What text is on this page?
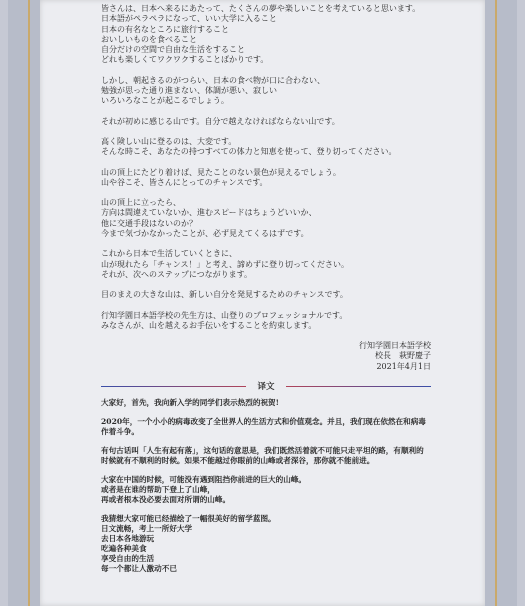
皆さんは、日本へ来るにあたって、たくさんの夢や楽しいことを考えていると思います。
日本語がペラペラになって、いい大学に入ること
日本の有名なところに旅行すること
おいしいものを食べること
自分だけの空間で自由な生活をすること
どれも楽しくてワクワクすることばかりです。

しかし、朝起きるのがつらい、日本の食べ物が口に合わない、
勉強が思った通り進まない、体調が悪い、寂しい
いろいろなことが起こるでしょう。

それが初めに感じる山です。自分で越えなければならない山です。

高く険しい山に登るのは、大変です。
そんな時こそ、あなたの持つすべての体力と知恵を使って、登り切ってください。

山の頂上にたどり着けば、見たことのない景色が見えるでしょう。
山や谷こそ、皆さんにとってのチャンスです。

山の頂上に立ったら、
方向は間違えていないか、進むスピードはちょうどいいか、
他に交通手段はないのか？
今まで気づかなかったことが、必ず見えてくるはずです。

これから日本で生活していくときに、
山が現れたら「チャンス！」と考え、諦めずに登り切ってください。
それが、次へのステップにつながります。

目のまえの大きな山は、新しい自分を発見するためのチャンスです。

行知学園日本語学校の先生方は、山登りのプロフェッショナルです。
みなさんが、山を越えるお手伝いをすることを約束します。

行知学園日本語学校
校長　萩野慶子
2021年4月1日
译文

大家好，首先，我向新入学的同学们表示热烈的祝贺!

2020年，一个小小的病毒改变了全世界人的生活方式和价值观念。并且，我们现在依然在和病毒作着斗争。

有句古话叫「人生有起有落」，这句话的意思是，我们既然活着就不可能只走平坦的路，有顺利的时候就有不顺利的时候。如果不能越过你眼前的山峰或者深谷，那你就不能前进。

大家在中国的时候，可能没有遇到阻挡你前进的巨大的山峰。
或者是在谁的帮助下登上了山峰，
再或者根本没必要去面对所谓的山峰。

我猜想大家可能已经描绘了一幅很美好的留学蓝图。
日文流畅，考上一所好大学
去日本各地游玩
吃遍各种美食
享受自由的生活
每一个都让人激动不已
